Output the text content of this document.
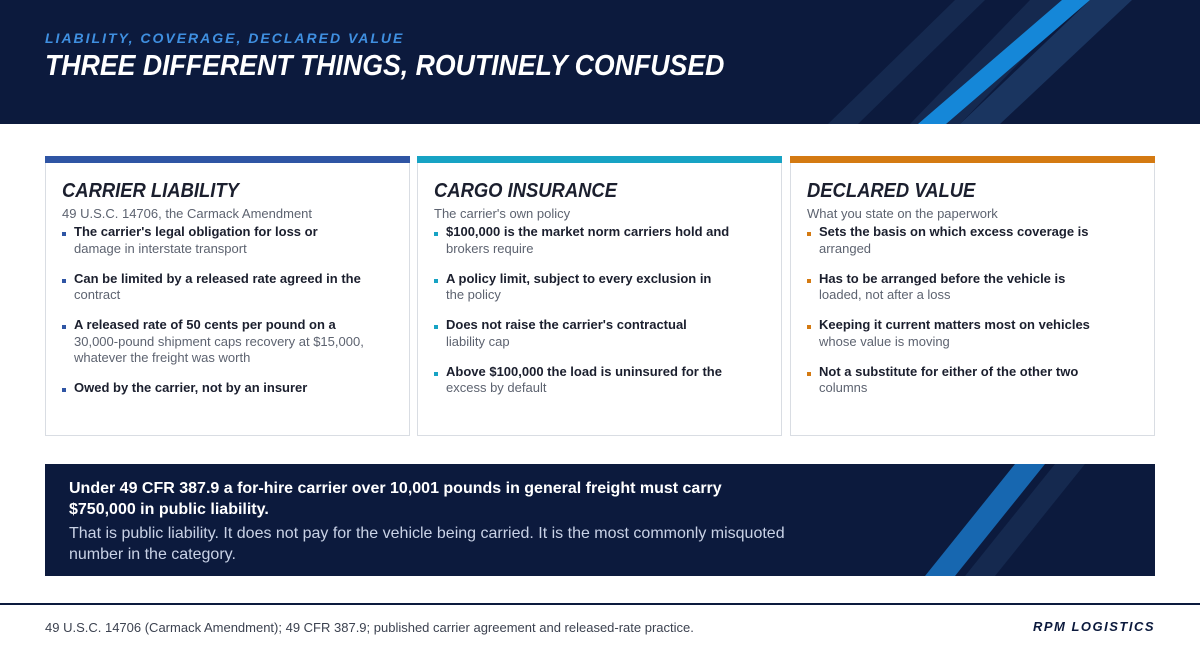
LIABILITY, COVERAGE, DECLARED VALUE
THREE DIFFERENT THINGS, ROUTINELY CONFUSED
CARRIER LIABILITY
49 U.S.C. 14706, the Carmack Amendment
The carrier's legal obligation for loss or
damage in interstate transport
Can be limited by a released rate agreed in the
contract
A released rate of 50 cents per pound on a
30,000-pound shipment caps recovery at $15,000, whatever the freight was worth
Owed by the carrier, not by an insurer
CARGO INSURANCE
The carrier's own policy
$100,000 is the market norm carriers hold and
brokers require
A policy limit, subject to every exclusion in
the policy
Does not raise the carrier's contractual
liability cap
Above $100,000 the load is uninsured for the
excess by default
DECLARED VALUE
What you state on the paperwork
Sets the basis on which excess coverage is
arranged
Has to be arranged before the vehicle is
loaded, not after a loss
Keeping it current matters most on vehicles
whose value is moving
Not a substitute for either of the other two
columns
Under 49 CFR 387.9 a for-hire carrier over 10,001 pounds in general freight must carry $750,000 in public liability.
That is public liability. It does not pay for the vehicle being carried. It is the most commonly misquoted number in the category.
49 U.S.C. 14706 (Carmack Amendment); 49 CFR 387.9; published carrier agreement and released-rate practice.	RPM LOGISTICS
